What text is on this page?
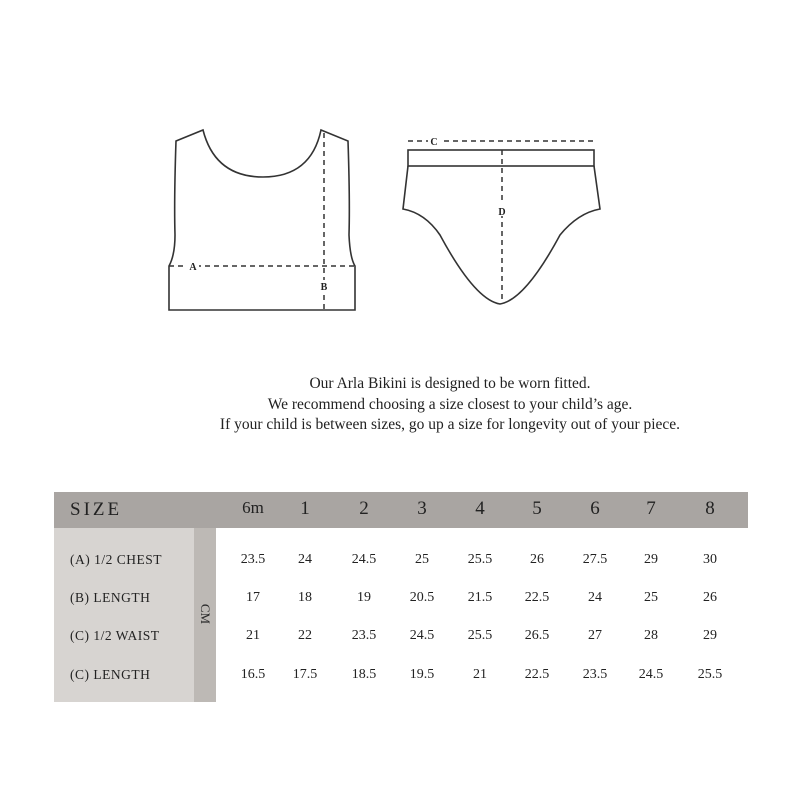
A
B
C
D
Our Arla Bikini is designed to be worn fitted.
We recommend choosing a size closest to your child’s age.
If your child is between sizes, go up a size for longevity out of your piece.
CM
SIZE	6m	1	2	3	4	5	6	7	8
(A) 1/2 CHEST	23.5	24	24.5	25	25.5	26	27.5	29	30
(B) LENGTH	17	18	19	20.5	21.5	22.5	24	25	26
(C) 1/2 WAIST	21	22	23.5	24.5	25.5	26.5	27	28	29
(C) LENGTH	16.5	17.5	18.5	19.5	21	22.5	23.5	24.5	25.5
